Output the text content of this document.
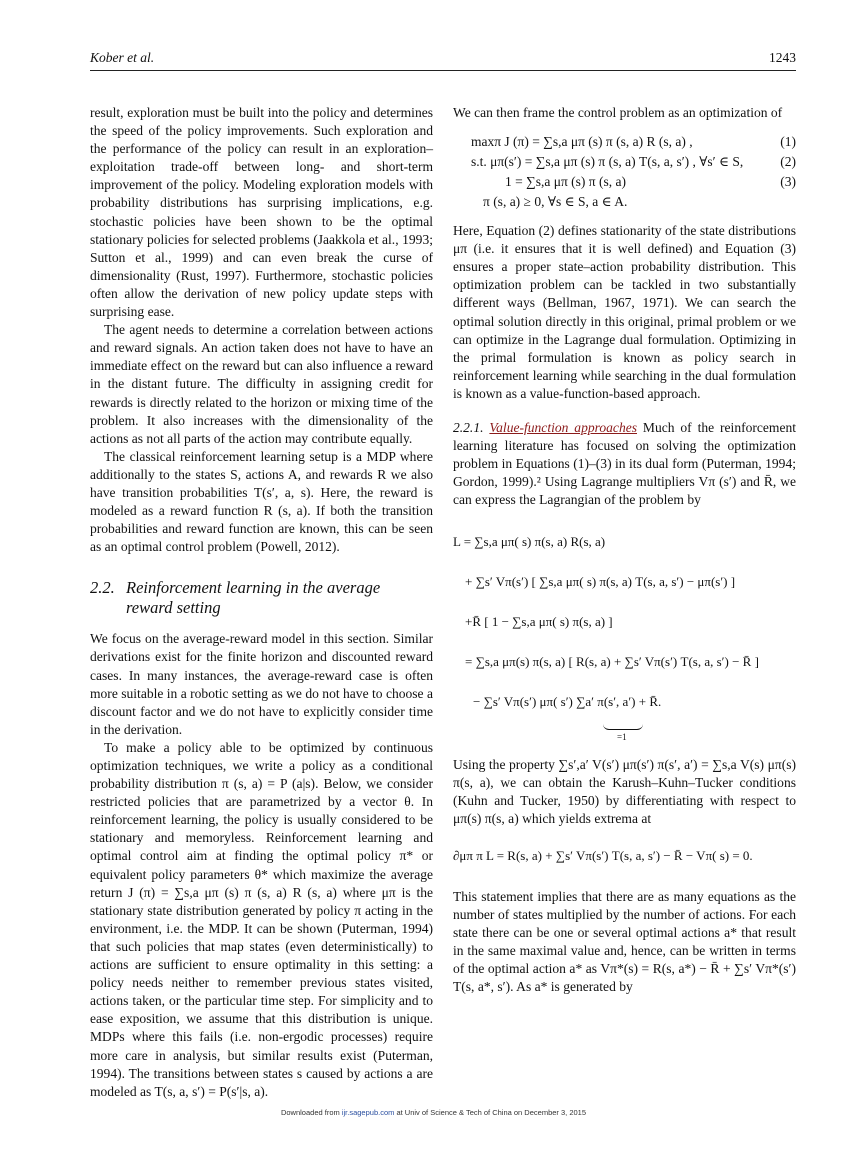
Kober et al.	1243

result, exploration must be built into the policy and determines the speed of the policy improvements. Such exploration and the performance of the policy can result in an exploration–exploitation trade-off between long- and short-term improvement of the policy. Modeling exploration models with probability distributions has surprising implications, e.g. stochastic policies have been shown to be the optimal stationary policies for selected problems (Jaakkola et al., 1993; Sutton et al., 1999) and can even break the curse of dimensionality (Rust, 1997). Furthermore, stochastic policies often allow the derivation of new policy update steps with surprising ease.

The agent needs to determine a correlation between actions and reward signals. An action taken does not have to have an immediate effect on the reward but can also influence a reward in the distant future. The difficulty in assigning credit for rewards is directly related to the horizon or mixing time of the problem. It also increases with the dimensionality of the actions as not all parts of the action may contribute equally.

The classical reinforcement learning setup is a MDP where additionally to the states S, actions A, and rewards R we also have transition probabilities T(s′, a, s). Here, the reward is modeled as a reward function R (s, a). If both the transition probabilities and reward function are known, this can be seen as an optimal control problem (Powell, 2012).

2.2. Reinforcement learning in the average
reward setting

We focus on the average-reward model in this section. Similar derivations exist for the finite horizon and discounted reward cases. In many instances, the average-reward case is often more suitable in a robotic setting as we do not have to choose a discount factor and we do not have to explicitly consider time in the derivation.

To make a policy able to be optimized by continuous optimization techniques, we write a policy as a conditional probability distribution π (s, a) = P (a|s). Below, we consider restricted policies that are parametrized by a vector θ. In reinforcement learning, the policy is usually considered to be stationary and memoryless. Reinforcement learning and optimal control aim at finding the optimal policy π* or equivalent policy parameters θ* which maximize the average return J (π) = ∑s,a μπ (s) π (s, a) R (s, a) where μπ is the stationary state distribution generated by policy π acting in the environment, i.e. the MDP. It can be shown (Puterman, 1994) that such policies that map states (even deterministically) to actions are sufficient to ensure optimality in this setting: a policy needs neither to remember previous states visited, actions taken, or the particular time step. For simplicity and to ease exposition, we assume that this distribution is unique. MDPs where this fails (i.e. non-ergodic processes) require more care in analysis, but similar results exist (Puterman, 1994). The transitions between states s caused by actions a are modeled as T(s, a, s′) = P(s′|s, a).

We can then frame the control problem as an optimization of

maxπ J (π) = ∑s,a μπ (s) π (s, a) R (s, a) ,	(1)
s.t. μπ(s′) = ∑s,a μπ (s) π (s, a) T(s, a, s′) , ∀s′ ∈ S,	(2)
1 = ∑s,a μπ (s) π (s, a)	(3)
π (s, a) ≥ 0, ∀s ∈ S, a ∈ A.

Here, Equation (2) defines stationarity of the state distributions μπ (i.e. it ensures that it is well defined) and Equation (3) ensures a proper state–action probability distribution. This optimization problem can be tackled in two substantially different ways (Bellman, 1967, 1971). We can search the optimal solution directly in this original, primal problem or we can optimize in the Lagrange dual formulation. Optimizing in the primal formulation is known as policy search in reinforcement learning while searching in the dual formulation is known as a value-function-based approach.

2.2.1. Value-function approaches Much of the reinforcement learning literature has focused on solving the optimization problem in Equations (1)–(3) in its dual form (Puterman, 1994; Gordon, 1999).² Using Lagrange multipliers Vπ (s′) and R̄, we can express the Lagrangian of the problem by

L = ∑s,a μπ( s) π(s, a) R(s, a)
+ ∑s′ Vπ(s′) [ ∑s,a μπ( s) π(s, a) T(s, a, s′) − μπ(s′) ]
+R̄ [ 1 − ∑s,a μπ( s) π(s, a) ]
= ∑s,a μπ(s) π(s, a) [ R(s, a) + ∑s′ Vπ(s′) T(s, a, s′) − R̄ ]
− ∑s′ Vπ(s′) μπ( s′) ∑a′ π(s′, a′) + R̄.

=1

Using the property ∑s′,a′ V(s′) μπ(s′) π(s′, a′) = ∑s,a V(s) μπ(s) π(s, a), we can obtain the Karush–Kuhn–Tucker conditions (Kuhn and Tucker, 1950) by differentiating with respect to μπ(s) π(s, a) which yields extrema at

∂μπ π L = R(s, a) + ∑s′ Vπ(s′) T(s, a, s′) − R̄ − Vπ( s) = 0.

This statement implies that there are as many equations as the number of states multiplied by the number of actions. For each state there can be one or several optimal actions a* that result in the same maximal value and, hence, can be written in terms of the optimal action a* as Vπ*(s) = R(s, a*) − R̄ + ∑s′ Vπ*(s′) T(s, a*, s′). As a* is generated by

Downloaded from ijr.sagepub.com at Univ of Science & Tech of China on December 3, 2015
